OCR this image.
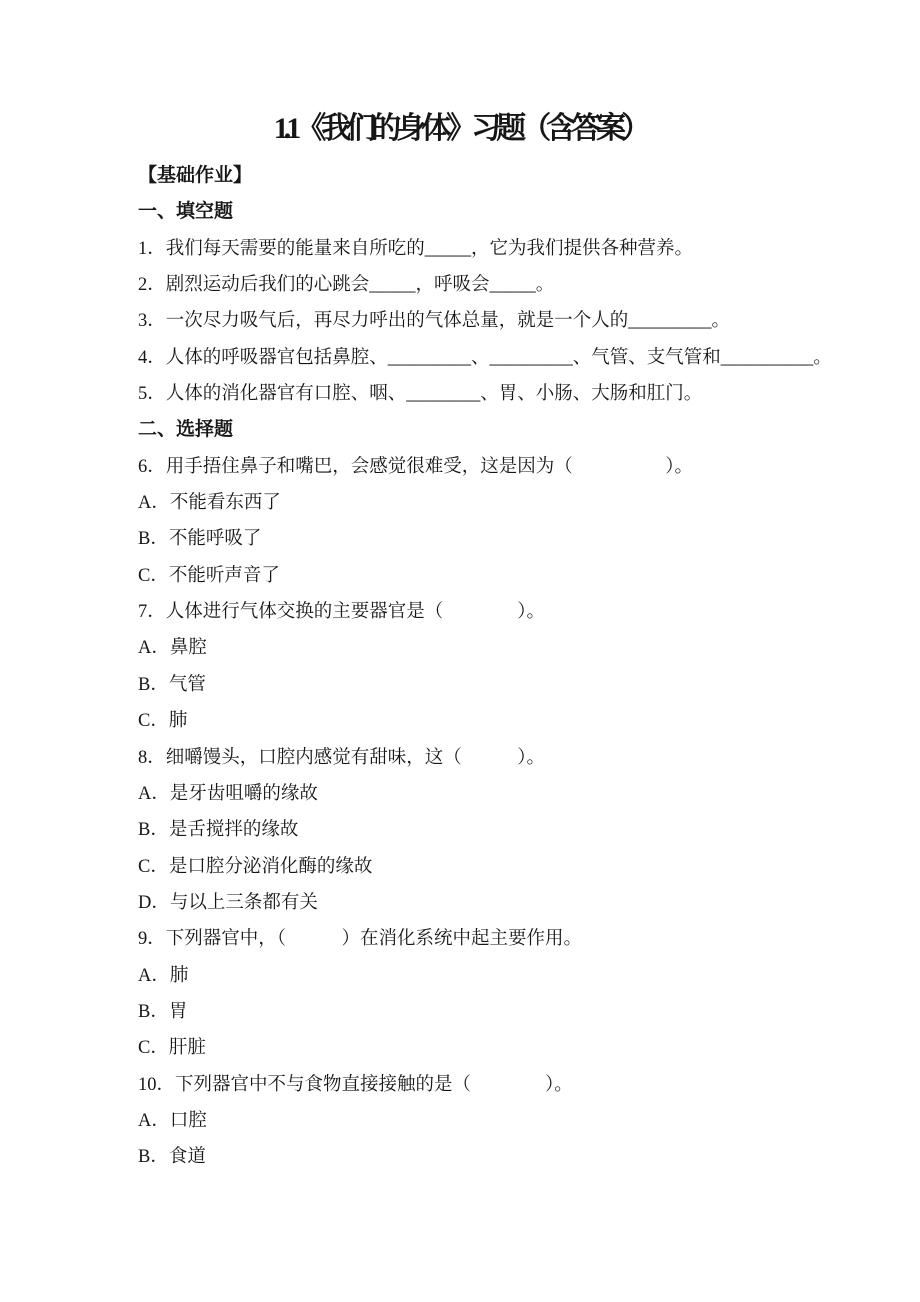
1.1《我们的身体》习题（含答案）

【基础作业】

一、填空题

1．我们每天需要的能量来自所吃的_____，它为我们提供各种营养。

2．剧烈运动后我们的心跳会_____，呼吸会_____。

3．一次尽力吸气后，再尽力呼出的气体总量，就是一个人的_________。

4．人体的呼吸器官包括鼻腔、_________、_________、气管、支气管和__________。

5．人体的消化器官有口腔、咽、________、胃、小肠、大肠和肛门。

二、选择题

6．用手捂住鼻子和嘴巴，会感觉很难受，这是因为（　　　　　）。

A．不能看东西了

B．不能呼吸了

C．不能听声音了

7．人体进行气体交换的主要器官是（　　　　）。

A．鼻腔

B．气管

C．肺

8．细嚼馒头，口腔内感觉有甜味，这（　　　）。

A．是牙齿咀嚼的缘故

B．是舌搅拌的缘故

C．是口腔分泌消化酶的缘故

D．与以上三条都有关

9．下列器官中，（　　　）在消化系统中起主要作用。

A．肺

B．胃

C．肝脏

10．下列器官中不与食物直接接触的是（　　　　）。

A．口腔

B．食道
